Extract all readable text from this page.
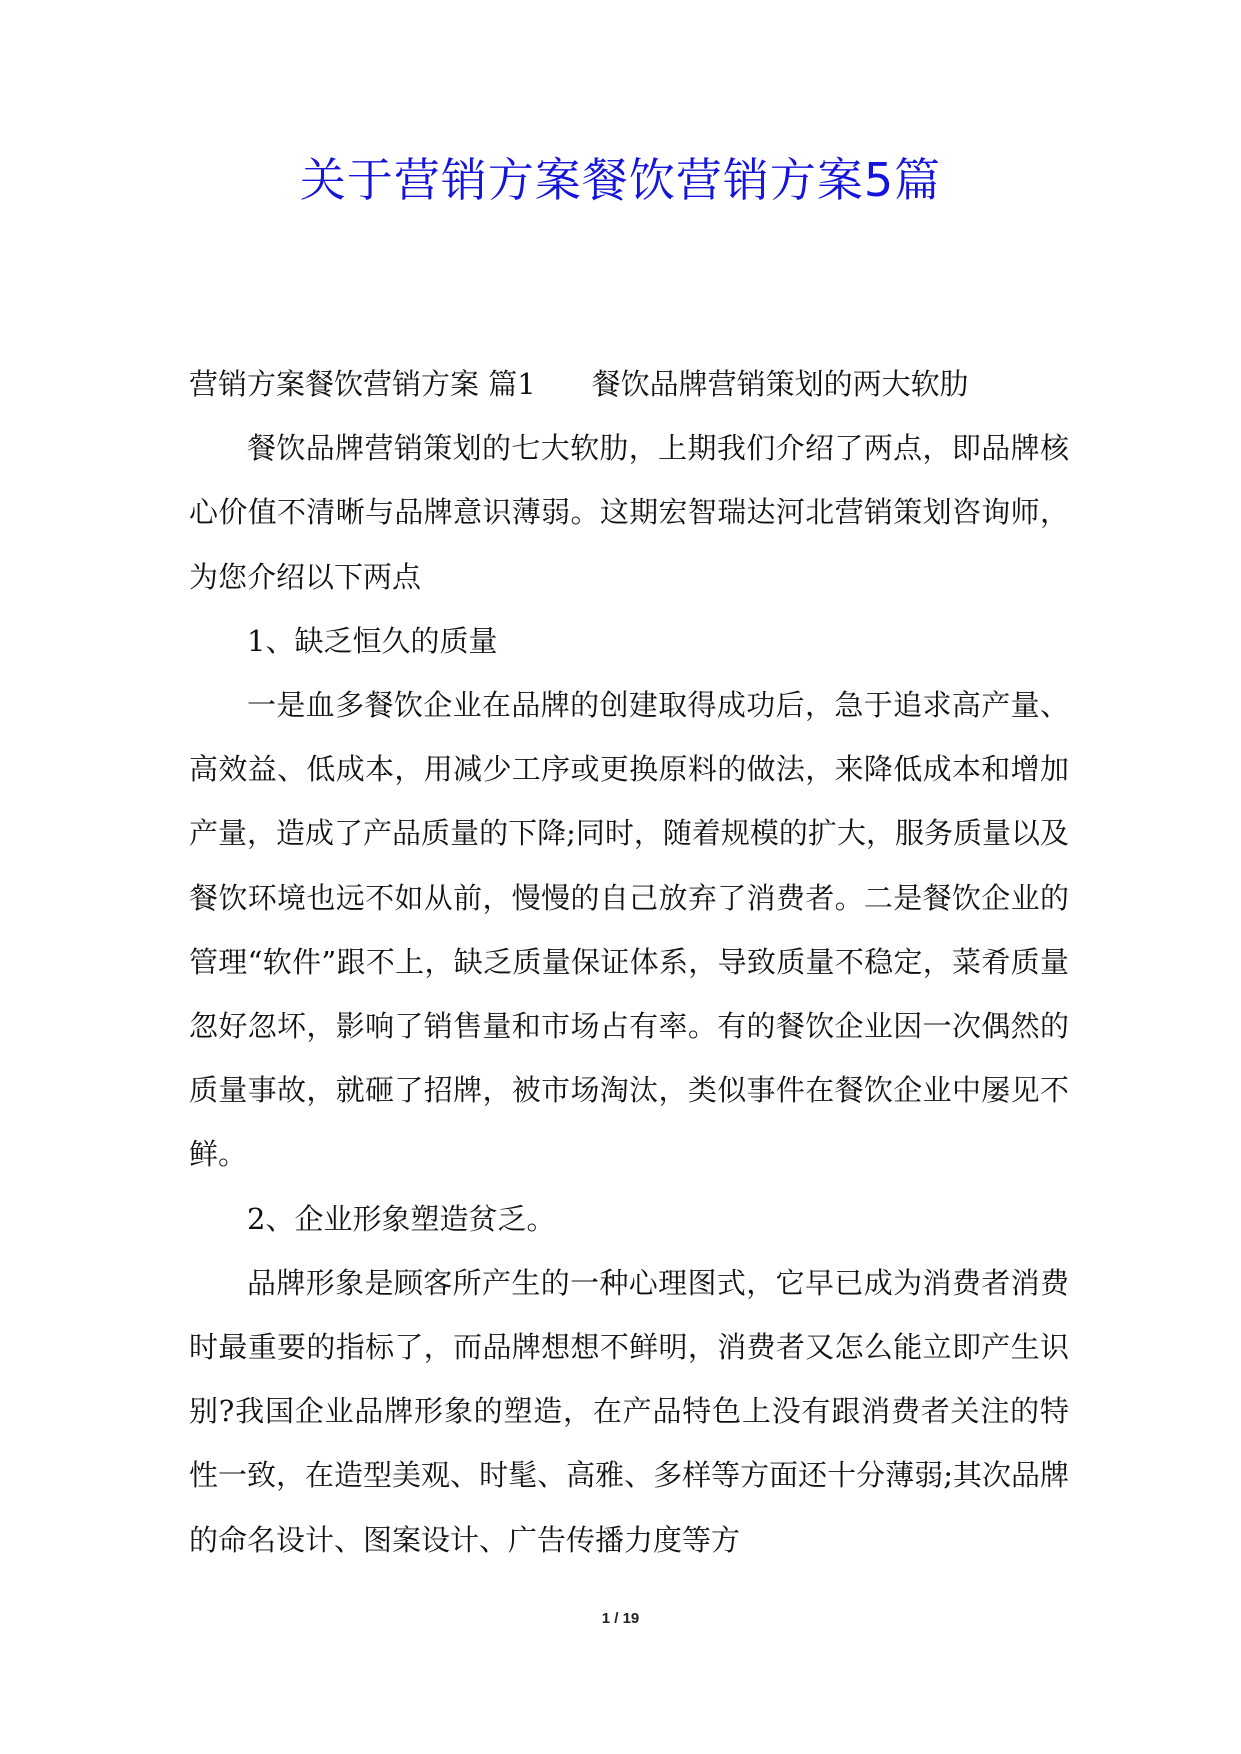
关于营销方案餐饮营销方案5篇
营销方案餐饮营销方案 篇1 餐饮品牌营销策划的两大软肋

餐饮品牌营销策划的七大软肋，上期我们介绍了两点，即品牌核心价值不清晰与品牌意识薄弱。这期宏智瑞达河北营销策划咨询师，为您介绍以下两点

1、缺乏恒久的质量

一是血多餐饮企业在品牌的创建取得成功后，急于追求高产量、高效益、低成本，用减少工序或更换原料的做法，来降低成本和增加产量，造成了产品质量的下降;同时，随着规模的扩大，服务质量以及餐饮环境也远不如从前，慢慢的自己放弃了消费者。二是餐饮企业的管理“软件”跟不上，缺乏质量保证体系，导致质量不稳定，菜肴质量忽好忽坏，影响了销售量和市场占有率。有的餐饮企业因一次偶然的质量事故，就砸了招牌，被市场淘汰，类似事件在餐饮企业中屡见不鲜。

2、企业形象塑造贫乏。

品牌形象是顾客所产生的一种心理图式，它早已成为消费者消费时最重要的指标了，而品牌想想不鲜明，消费者又怎么能立即产生识别?我国企业品牌形象的塑造，在产品特色上没有跟消费者关注的特性一致，在造型美观、时髦、高雅、多样等方面还十分薄弱;其次品牌的命名设计、图案设计、广告传播力度等方

1 / 19
